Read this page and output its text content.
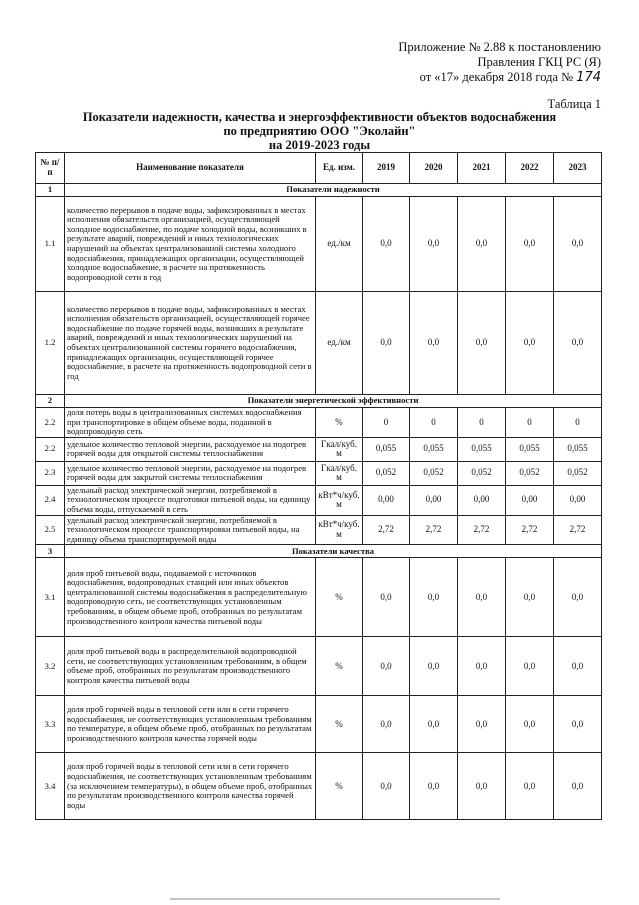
Приложение № 2.88 к постановлению
Правления ГКЦ РС (Я)
от «17» декабря 2018 года № 174
Таблица 1
Показатели надежности, качества и энергоэффективности объектов водоснабжения
по предприятию ООО "Эколайн"
на 2019-2023 годы
№ п/п	Наименование показателя	Ед. изм.	2019	2020	2021	2022	2023
1	Показатели надежности						
1.1	количество перерывов в подаче воды, зафиксированных в местах исполнения обязательств организацией, осуществляющей холодное водоснабжение, по подаче холодной воды, возникших в результате аварий, повреждений и иных технологических нарушений на объектах централизованной системы холодного водоснабжения, принадлежащих организации, осуществляющей холодное водоснабжение, в расчете на протяженность водопроводной сети в год	ед./км	0,0	0,0	0,0	0,0	0,0
1.2	количество перерывов в подаче воды, зафиксированных в местах исполнения обязательств организацией, осуществляющей горячее водоснабжение по подаче горячей воды, возникших в результате аварий, повреждений и иных технологических нарушений на объектах централизованной системы горячего водоснабжения, принадлежащих организации, осуществляющей горячее водоснабжение, в расчете на протяженность водопроводной сети в год	ед./км	0,0	0,0	0,0	0,0	0,0
2	Показатели энергетической эффективности						
2.2	доля потерь воды в централизованных системах водоснабжения при транспортировке в общем объеме воды, поданной в водопроводную сеть	%	0	0	0	0	0
2.2	удельное количество тепловой энергии, расходуемое на подогрев горячей воды для открытой системы теплоснабжения	Гкал/куб. м	0,055	0,055	0,055	0,055	0,055
2.3	удельное количество тепловой энергии, расходуемое на подогрев горячей воды для закрытой системы теплоснабжения	Гкал/куб. м	0,052	0,052	0,052	0,052	0,052
2.4	удельный расход электрической энергии, потребляемой в технологическом процессе подготовки питьевой воды, на единицу объема воды, отпускаемой в сеть	кВт*ч/куб. м	0,00	0,00	0,00	0,00	0,00
2.5	удельный расход электрической энергии, потребляемой в технологическом процессе транспортировки питьевой воды, на единицу объема транспортируемой воды	кВт*ч/куб. м	2,72	2,72	2,72	2,72	2,72
3	Показатели качества						
3.1	доля проб питьевой воды, подаваемой с источников водоснабжения, водопроводных станций или иных объектов централизованной системы водоснабжения в распределительную водопроводную сеть, не соответствующих установленным требованиям, в общем объеме проб, отобранных по результатам производственного контроля качества питьевой воды	%	0,0	0,0	0,0	0,0	0,0
3.2	доля проб питьевой воды в распределительной водопроводной сети, не соответствующих установленным требованиям, в общем объеме проб, отобранных по результатам производственного контроля качества питьевой воды	%	0,0	0,0	0,0	0,0	0,0
3.3	доля проб горячей воды в тепловой сети или в сети горячего водоснабжения, не соответствующих установленным требованиям по температуре, в общем объеме проб, отобранных по результатам производственного контроля качества горячей воды	%	0,0	0,0	0,0	0,0	0,0
3.4	доля проб горячей воды в тепловой сети или в сети горячего водоснабжения, не соответствующих установленным требованиям (за исключением температуры), в общем объеме проб, отобранных по результатам производственного контроля качества горячей воды	%	0,0	0,0	0,0	0,0	0,0
